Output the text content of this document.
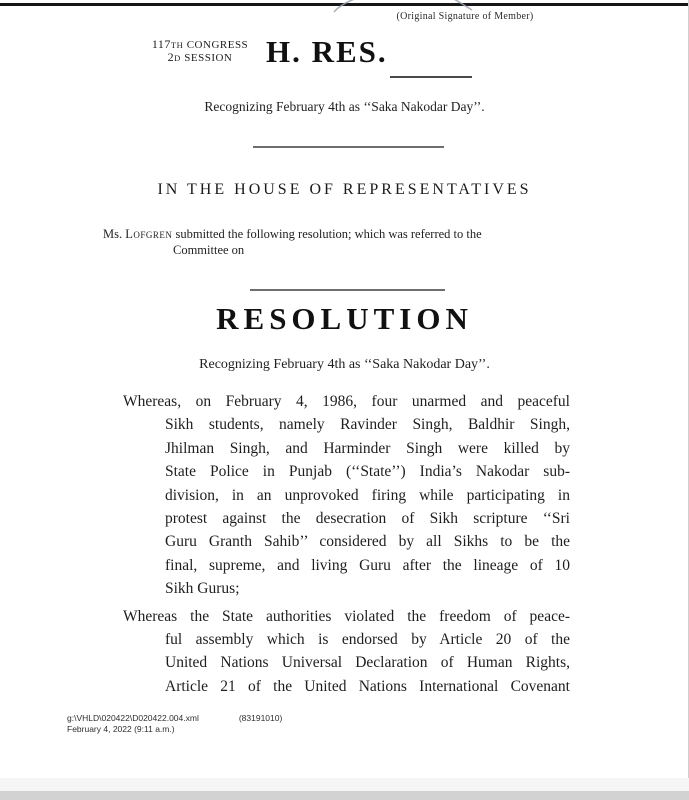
(Original Signature of Member)
117TH CONGRESS
2D SESSION	H. RES.
Recognizing February 4th as ‘‘Saka Nakodar Day’’.
IN THE HOUSE OF REPRESENTATIVES
Ms. Lofgren submitted the following resolution; which was referred to the
Committee on
RESOLUTION
Recognizing February 4th as ‘‘Saka Nakodar Day’’.
Whereas, on February 4, 1986, four unarmed and peaceful
Sikh students, namely Ravinder Singh, Baldhir Singh,
Jhilman Singh, and Harminder Singh were killed by
State Police in Punjab (‘‘State’’) India’s Nakodar sub-
division, in an unprovoked firing while participating in
protest against the desecration of Sikh scripture ‘‘Sri
Guru Granth Sahib’’ considered by all Sikhs to be the
final, supreme, and living Guru after the lineage of 10
Sikh Gurus;
Whereas the State authorities violated the freedom of peace-
ful assembly which is endorsed by Article 20 of the
United Nations Universal Declaration of Human Rights,
Article 21 of the United Nations International Covenant
g:\VHLD\020422\D020422.004.xml	(83191010)
February 4, 2022 (9:11 a.m.)
